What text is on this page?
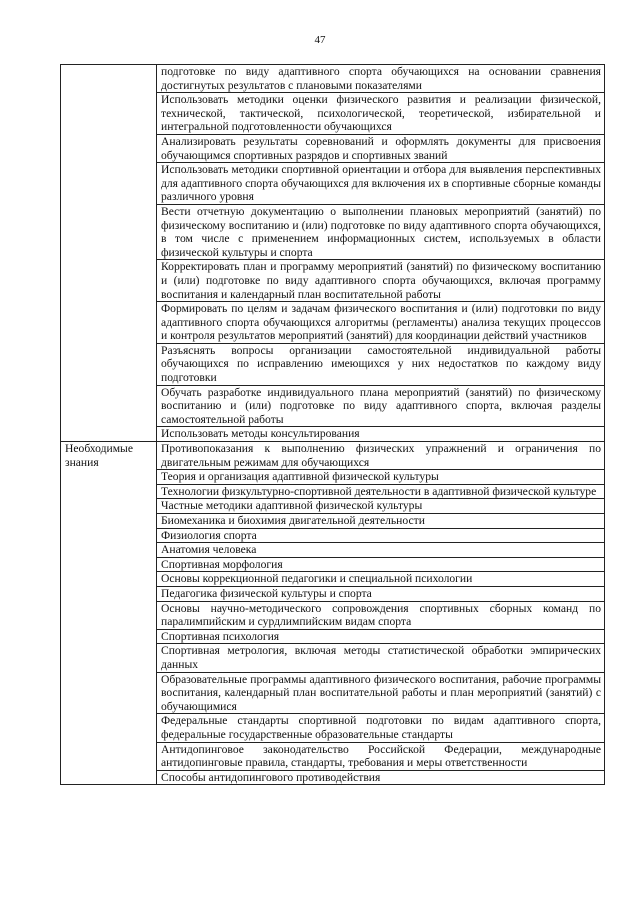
47
	подготовке по виду адаптивного спорта обучающихся на основании сравнения достигнутых результатов с плановыми показателями
	Использовать методики оценки физического развития и реализации физической, технической, тактической, психологической, теоретической, избирательной и интегральной подготовленности обучающихся
	Анализировать результаты соревнований и оформлять документы для присвоения обучающимся спортивных разрядов и спортивных званий
	Использовать методики спортивной ориентации и отбора для выявления перспективных для адаптивного спорта обучающихся для включения их в спортивные сборные команды различного уровня
	Вести отчетную документацию о выполнении плановых мероприятий (занятий) по физическому воспитанию и (или) подготовке по виду адаптивного спорта обучающихся, в том числе с применением информационных систем, используемых в области физической культуры и спорта
	Корректировать план и программу мероприятий (занятий) по физическому воспитанию и (или) подготовке по виду адаптивного спорта обучающихся, включая программу воспитания и календарный план воспитательной работы
	Формировать по целям и задачам физического воспитания и (или) подготовки по виду адаптивного спорта обучающихся алгоритмы (регламенты) анализа текущих процессов и контроля результатов мероприятий (занятий) для координации действий участников
	Разъяснять вопросы организации самостоятельной индивидуальной работы обучающихся по исправлению имеющихся у них недостатков по каждому виду подготовки
	Обучать разработке индивидуального плана мероприятий (занятий) по физическому воспитанию и (или) подготовке по виду адаптивного спорта, включая разделы самостоятельной работы
	Использовать методы консультирования
Необходимые знания	Противопоказания к выполнению физических упражнений и ограничения по двигательным режимам для обучающихся
	Теория и организация адаптивной физической культуры
	Технологии физкультурно-спортивной деятельности в адаптивной физической культуре
	Частные методики адаптивной физической культуры
	Биомеханика и биохимия двигательной деятельности
	Физиология спорта
	Анатомия человека
	Спортивная морфология
	Основы коррекционной педагогики и специальной психологии
	Педагогика физической культуры и спорта
	Основы научно-методического сопровождения спортивных сборных команд по паралимпийским и сурдлимпийским видам спорта
	Спортивная психология
	Спортивная метрология, включая методы статистической обработки эмпирических данных
	Образовательные программы адаптивного физического воспитания, рабочие программы воспитания, календарный план воспитательной работы и план мероприятий (занятий) с обучающимися
	Федеральные стандарты спортивной подготовки по видам адаптивного спорта, федеральные государственные образовательные стандарты
	Антидопинговое законодательство Российской Федерации, международные антидопинговые правила, стандарты, требования и меры ответственности
	Способы антидопингового противодействия
